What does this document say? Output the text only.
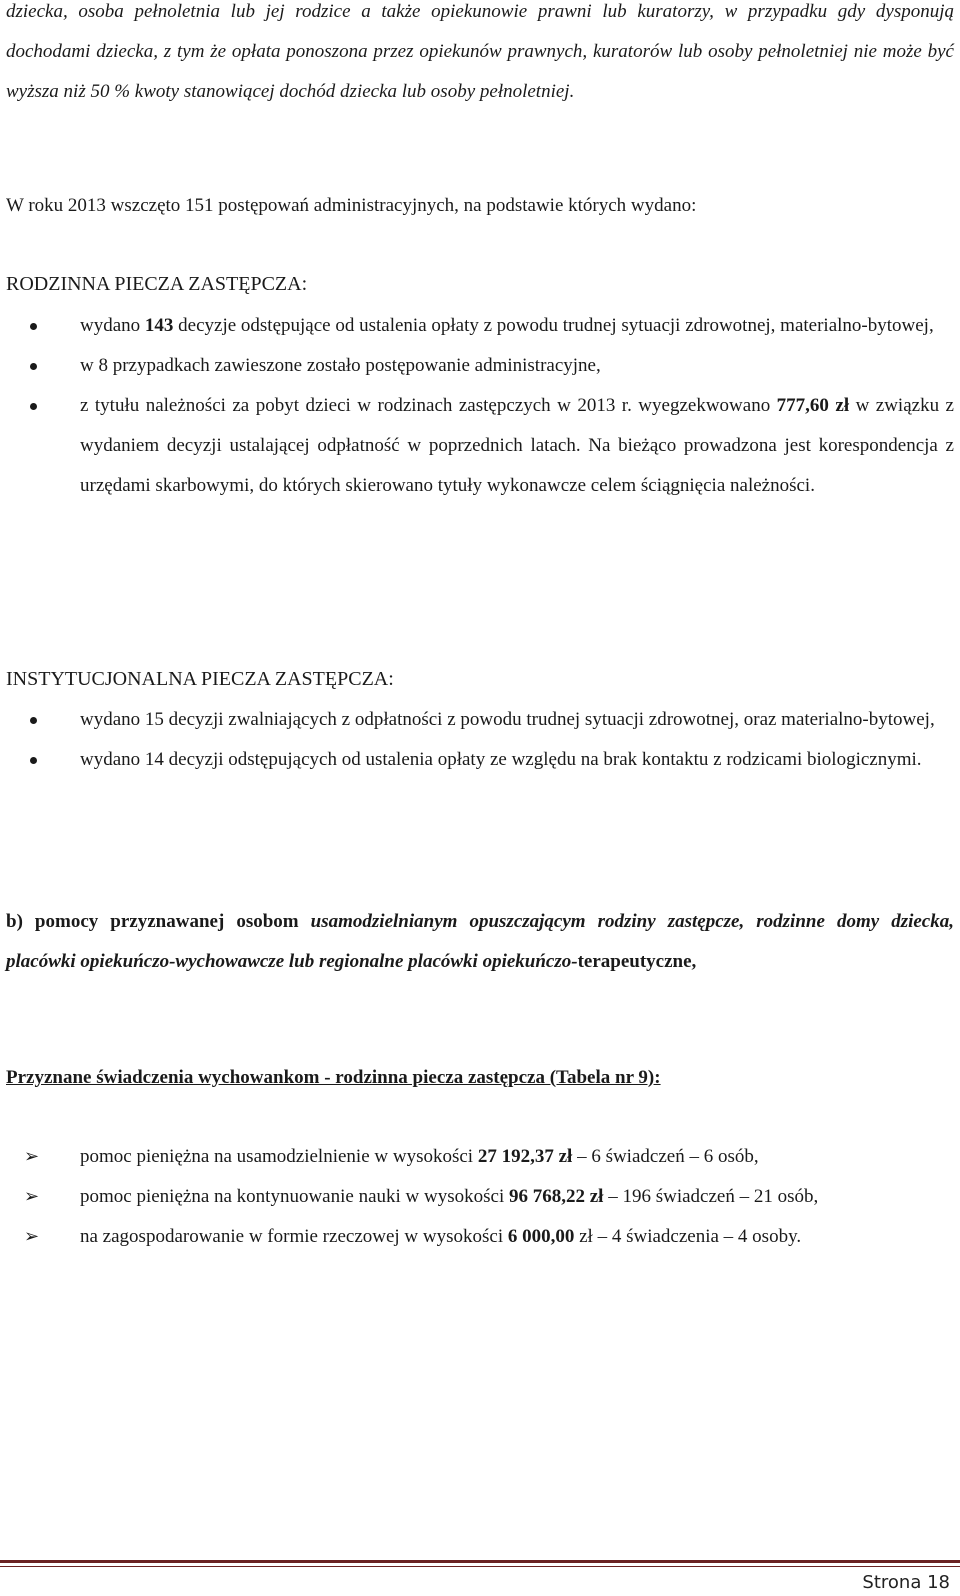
dziecka, osoba pełnoletnia lub jej rodzice a także opiekunowie prawni lub kuratorzy, w przypadku gdy dysponują dochodami dziecka, z tym że opłata ponoszona przez opiekunów prawnych, kuratorów lub osoby pełnoletniej nie może być wyższa niż 50 % kwoty stanowiącej dochód dziecka lub osoby pełnoletniej.

W roku 2013 wszczęto 151 postępowań administracyjnych, na podstawie których wydano:

RODZINNA PIECZA ZASTĘPCZA:

wydano 143 decyzje odstępujące od ustalenia opłaty z powodu trudnej sytuacji zdrowotnej, materialno-bytowej,
w 8 przypadkach zawieszone zostało postępowanie administracyjne,
z tytułu należności za pobyt dzieci w rodzinach zastępczych w 2013 r. wyegzekwowano 777,60 zł w związku z wydaniem decyzji ustalającej odpłatność w poprzednich latach. Na bieżąco prowadzona jest korespondencja z urzędami skarbowymi, do których skierowano tytuły wykonawcze celem ściągnięcia należności.

INSTYTUCJONALNA PIECZA ZASTĘPCZA:

wydano 15 decyzji zwalniających z odpłatności z powodu trudnej sytuacji zdrowotnej, oraz materialno-bytowej,
wydano 14 decyzji odstępujących od ustalenia opłaty ze względu na brak kontaktu z rodzicami biologicznymi.

b) pomocy przyznawanej osobom usamodzielnianym opuszczającym rodziny zastępcze, rodzinne domy dziecka, placówki opiekuńczo-wychowawcze lub regionalne placówki opiekuńczo-terapeutyczne,

Przyznane świadczenia wychowankom - rodzinna piecza zastępcza (Tabela nr 9):

➢ pomoc pieniężna na usamodzielnienie w wysokości 27 192,37 zł – 6 świadczeń – 6 osób,
➢ pomoc pieniężna na kontynuowanie nauki w wysokości 96 768,22 zł – 196 świadczeń – 21 osób,
➢ na zagospodarowanie w formie rzeczowej w wysokości 6 000,00 zł – 4 świadczenia – 4 osoby.
Strona 18
